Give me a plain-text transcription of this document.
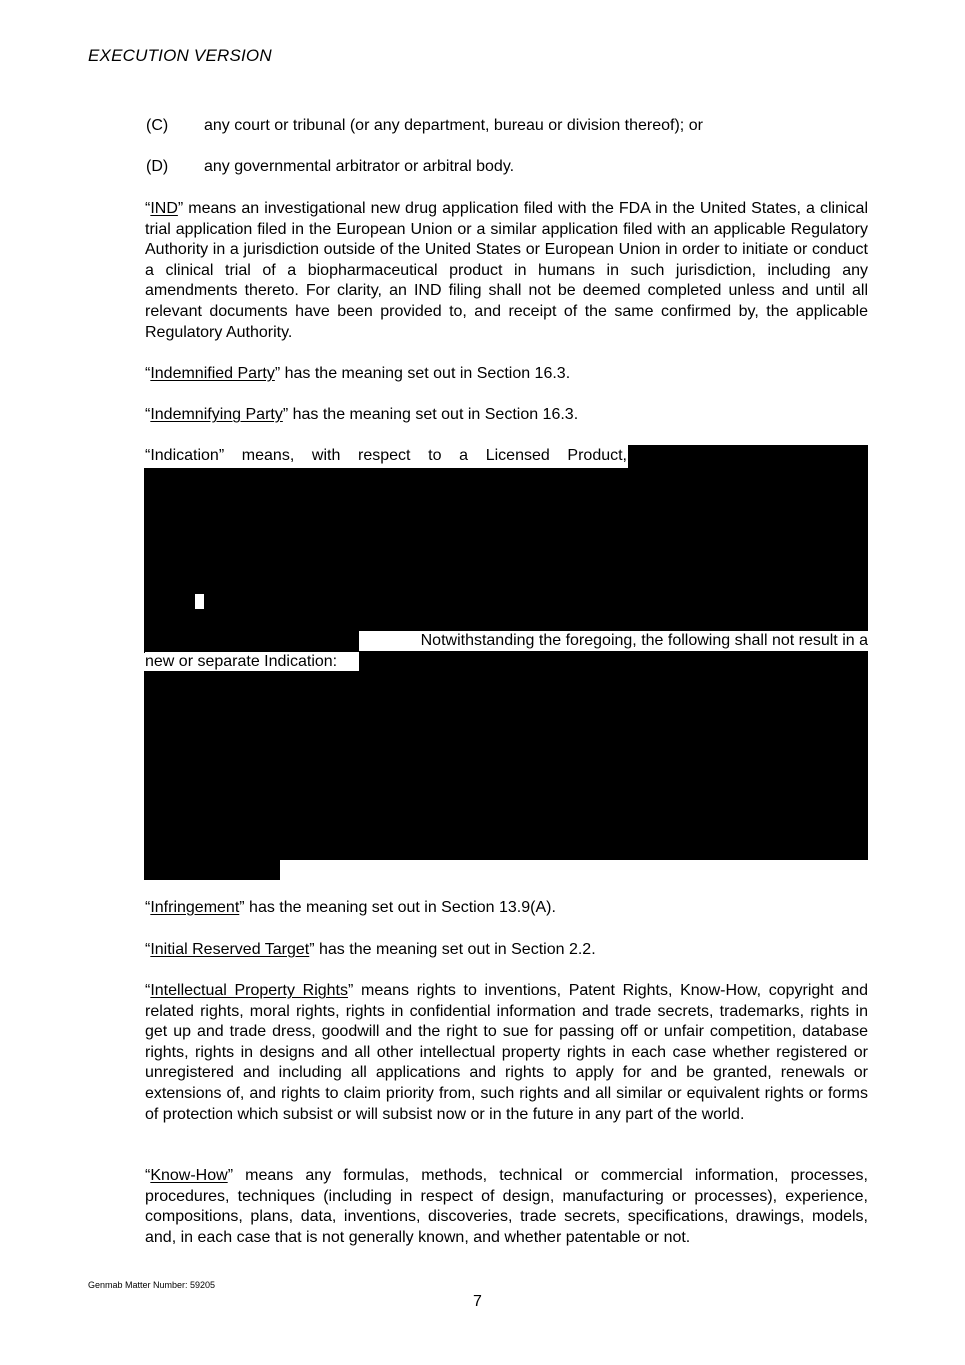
EXECUTION VERSION
(C) any court or tribunal (or any department, bureau or division thereof); or
(D) any governmental arbitrator or arbitral body.
“IND” means an investigational new drug application filed with the FDA in the United States, a clinical trial application filed in the European Union or a similar application filed with an applicable Regulatory Authority in a jurisdiction outside of the United States or European Union in order to initiate or conduct a clinical trial of a biopharmaceutical product in humans in such jurisdiction, including any amendments thereto. For clarity, an IND filing shall not be deemed completed unless and until all relevant documents have been provided to, and receipt of the same confirmed by, the applicable Regulatory Authority.
“Indemnified Party” has the meaning set out in Section 16.3.
“Indemnifying Party” has the meaning set out in Section 16.3.
“Indication” means, with respect to a Licensed Product,
Notwithstanding the foregoing, the following shall not result in a
new or separate Indication:
“Infringement” has the meaning set out in Section 13.9(A).
“Initial Reserved Target” has the meaning set out in Section 2.2.
“Intellectual Property Rights” means rights to inventions, Patent Rights, Know-How, copyright and related rights, moral rights, rights in confidential information and trade secrets, trademarks, rights in get up and trade dress, goodwill and the right to sue for passing off or unfair competition, database rights, rights in designs and all other intellectual property rights in each case whether registered or unregistered and including all applications and rights to apply for and be granted, renewals or extensions of, and rights to claim priority from, such rights and all similar or equivalent rights or forms of protection which subsist or will subsist now or in the future in any part of the world.
“Know-How” means any formulas, methods, technical or commercial information, processes, procedures, techniques (including in respect of design, manufacturing or processes), experience, compositions, plans, data, inventions, discoveries, trade secrets, specifications, drawings, models, and, in each case that is not generally known, and whether patentable or not.
Genmab Matter Number: 59205
7
